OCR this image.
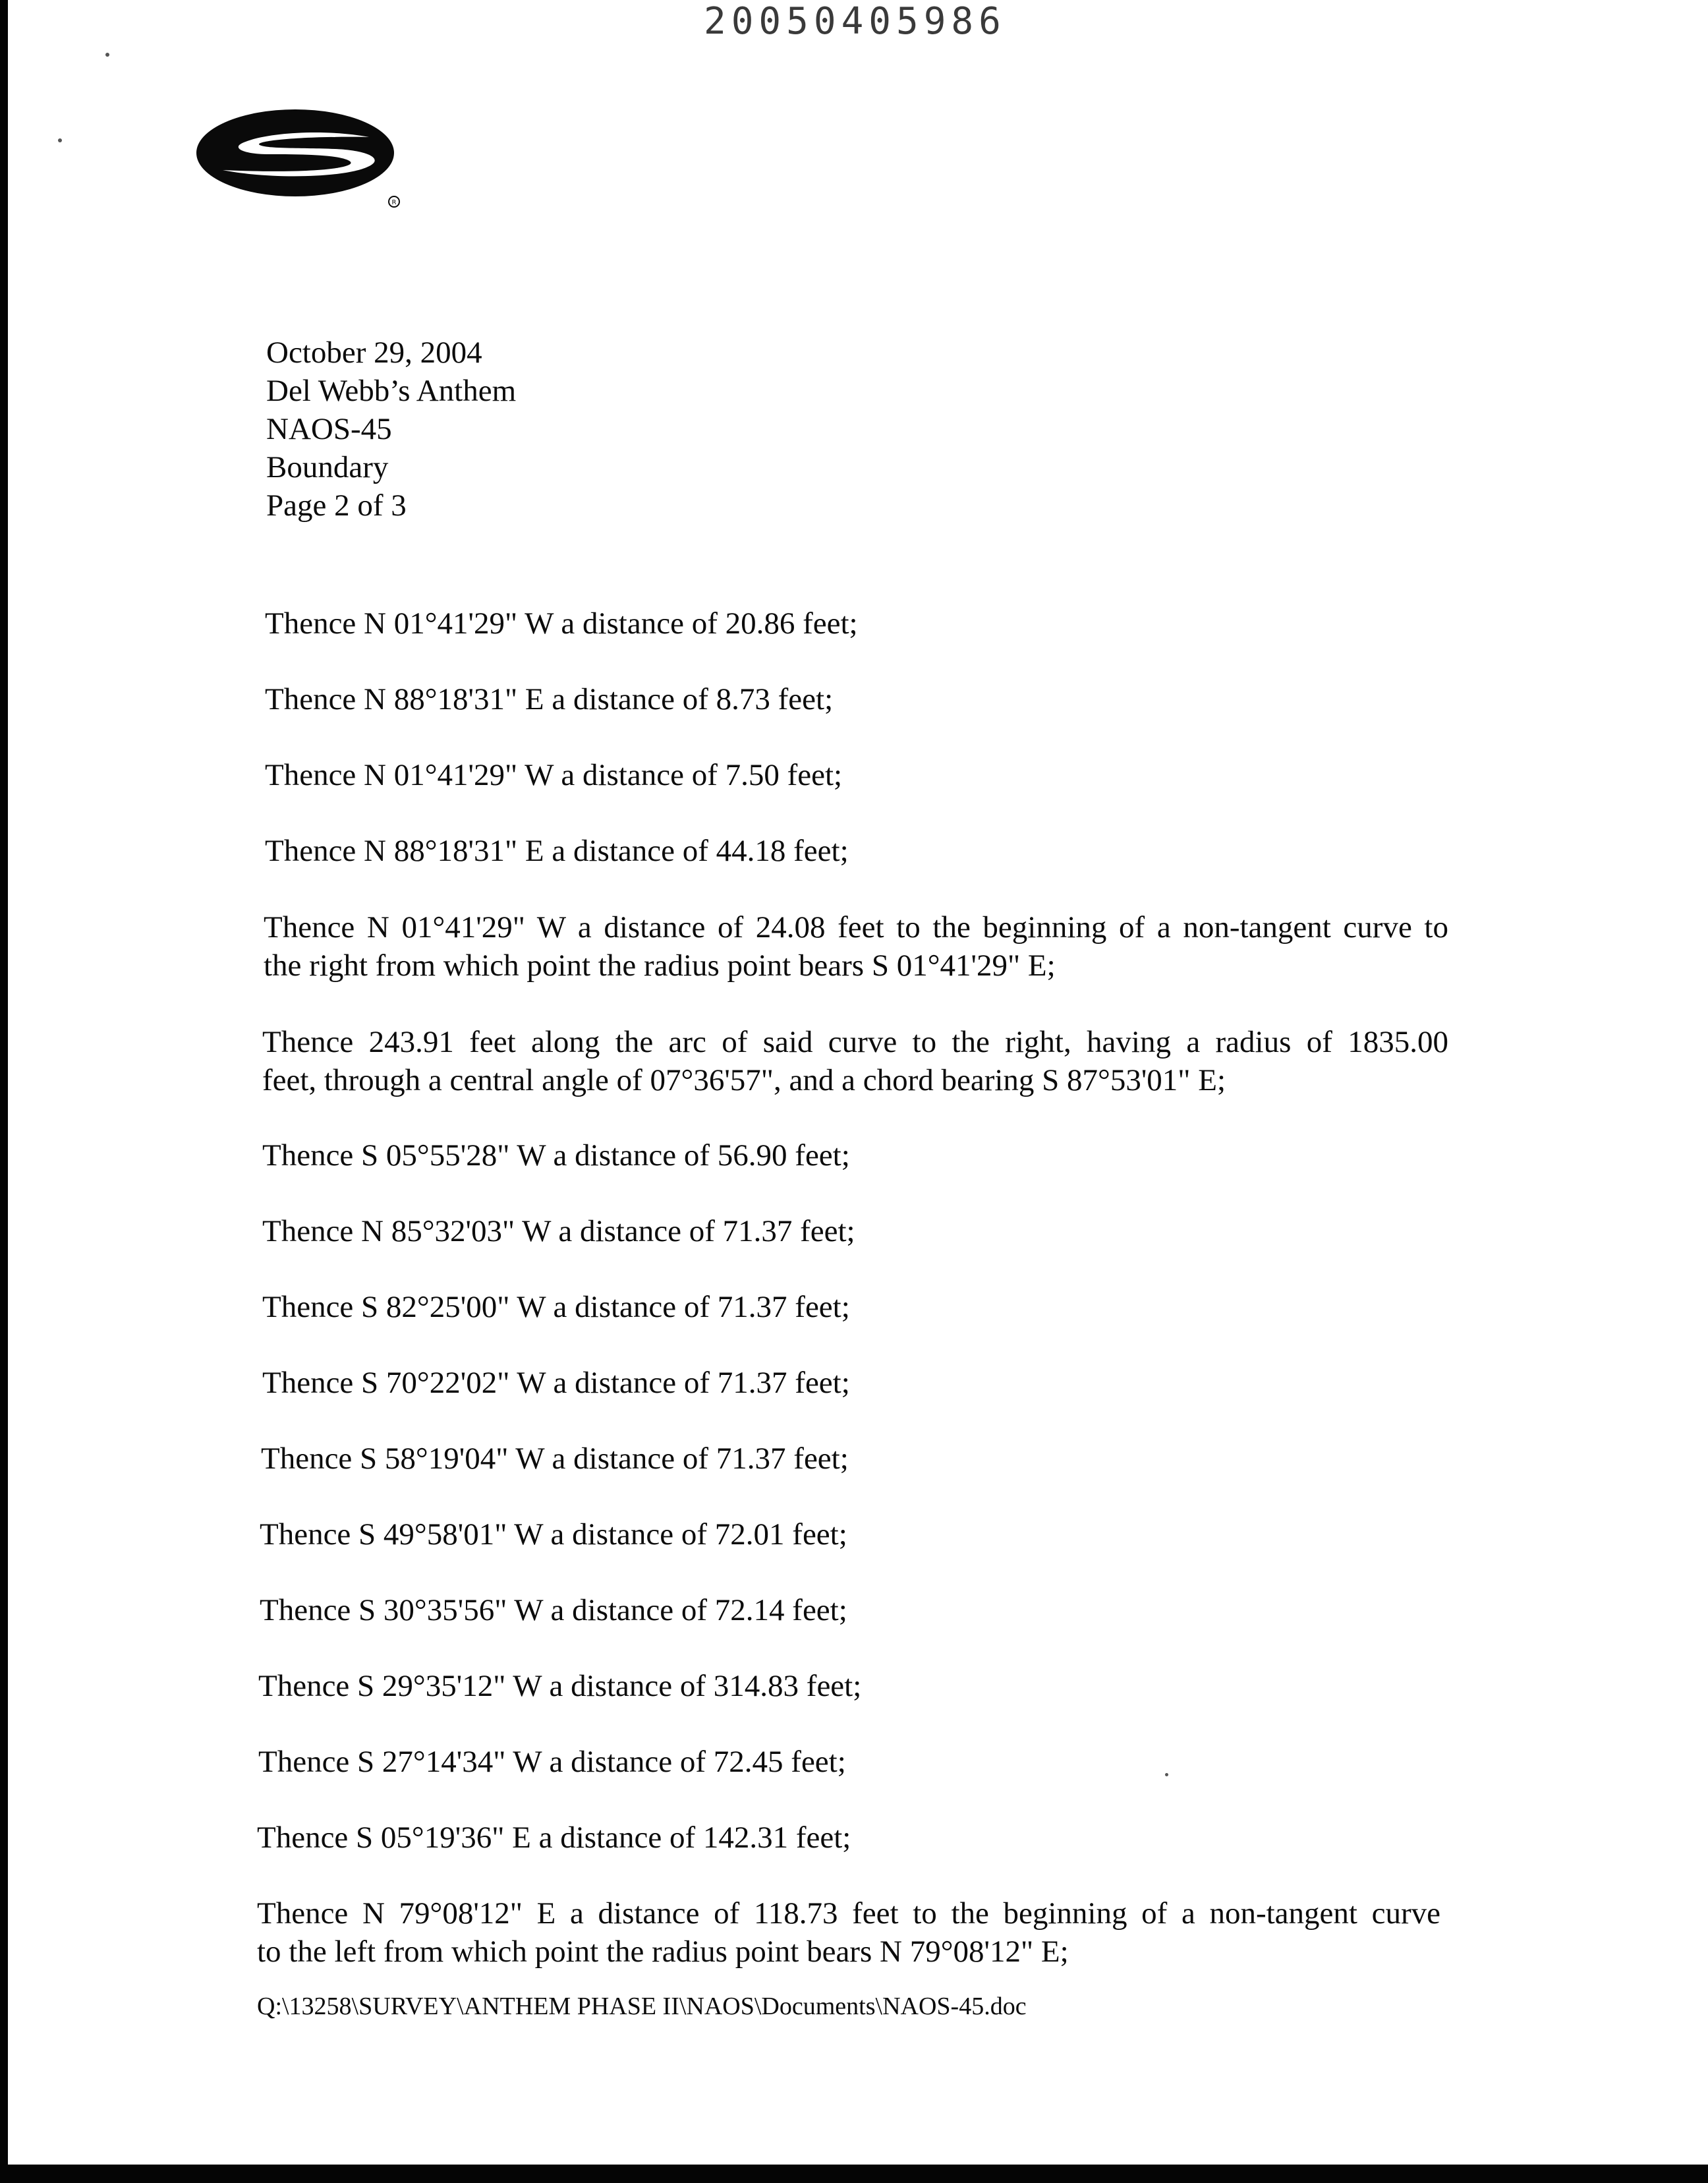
20050405986
R
October 29, 2004
Del Webb’s Anthem
NAOS-45
Boundary
Page 2 of 3
Thence N 01°41'29" W a distance of 20.86 feet;
Thence N 88°18'31" E a distance of 8.73 feet;
Thence N 01°41'29" W a distance of 7.50 feet;
Thence N 88°18'31" E a distance of 44.18 feet;
Thence N 01°41'29" W a distance of 24.08 feet to the beginning of a non-tangent curve to
the right from which point the radius point bears S 01°41'29" E;
Thence 243.91 feet along the arc of said curve to the right, having a radius of 1835.00
feet, through a central angle of 07°36'57", and a chord bearing S 87°53'01" E;
Thence S 05°55'28" W a distance of 56.90 feet;
Thence N 85°32'03" W a distance of 71.37 feet;
Thence S 82°25'00" W a distance of 71.37 feet;
Thence S 70°22'02" W a distance of 71.37 feet;
Thence S 58°19'04" W a distance of 71.37 feet;
Thence S 49°58'01" W a distance of 72.01 feet;
Thence S 30°35'56" W a distance of 72.14 feet;
Thence S 29°35'12" W a distance of 314.83 feet;
Thence S 27°14'34" W a distance of 72.45 feet;
Thence S 05°19'36" E a distance of 142.31 feet;
Thence N 79°08'12" E a distance of 118.73 feet to the beginning of a non-tangent curve
to the left from which point the radius point bears N 79°08'12" E;
Q:\13258\SURVEY\ANTHEM PHASE II\NAOS\Documents\NAOS-45.doc
